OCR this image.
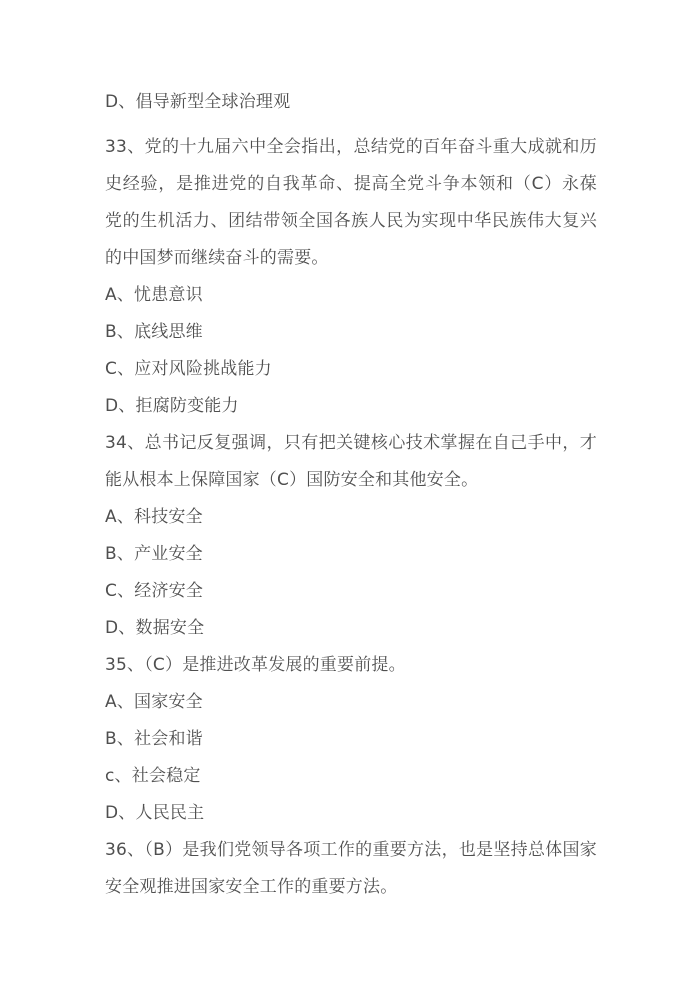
D、倡导新型全球治理观

33、党的十九届六中全会指出，总结党的百年奋斗重大成就和历史经验，是推进党的自我革命、提高全党斗争本领和（C）永葆党的生机活力、团结带领全国各族人民为实现中华民族伟大复兴的中国梦而继续奋斗的需要。

A、忧患意识

B、底线思维

C、应对风险挑战能力

D、拒腐防变能力

34、总书记反复强调，只有把关键核心技术掌握在自己手中，才能从根本上保障国家（C）国防安全和其他安全。

A、科技安全

B、产业安全

C、经济安全

D、数据安全

35、（C）是推进改革发展的重要前提。

A、国家安全

B、社会和谐

c、社会稳定

D、人民民主

36、（B）是我们党领导各项工作的重要方法，也是坚持总体国家安全观推进国家安全工作的重要方法。
